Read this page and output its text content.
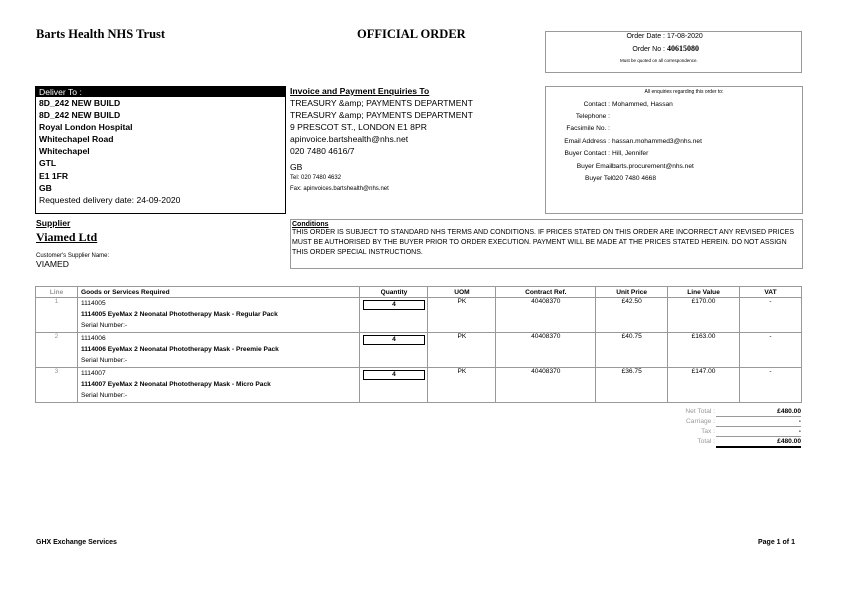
Barts Health NHS Trust	OFFICIAL ORDER	Order Date : 17-08-2020
Order No : 40615080
Must be quoted on all correspondence.
Deliver To :
8D_242 NEW BUILD
8D_242 NEW BUILD
Royal London Hospital
Whitechapel Road
Whitechapel
GTL
E1 1FR
GB
Requested delivery date: 24-09-2020
Invoice and Payment Enquiries To
TREASURY &amp; PAYMENTS DEPARTMENT
TREASURY &amp; PAYMENTS DEPARTMENT
9 PRESCOT ST., LONDON E1 8PR
apinvoice.bartshealth@nhs.net
020 7480 4616/7
GB
Tel: 020 7480 4632
Fax: apinvoices.bartshealth@nhs.net
All enquiries regarding this order to:
Contact : Mohammed, Hassan
Telephone :
Facsimile No. :
Email Address : hassan.mohammed3@nhs.net
Buyer Contact : Hill, Jennifer
Buyer Email :
barts.procurement@nhs.net
Buyer Tel :
020 7480 4668
Supplier
Viamed Ltd
Customer's Supplier Name:
VIAMED
Conditions
THIS ORDER IS SUBJECT TO STANDARD NHS TERMS AND CONDITIONS. IF PRICES STATED ON THIS ORDER ARE INCORRECT ANY REVISED PRICES MUST BE AUTHORISED BY THE BUYER PRIOR TO ORDER EXECUTION. PAYMENT WILL BE MADE AT THE PRICES STATED HEREIN. DO NOT ASSIGN THIS ORDER SPECIAL INSTRUCTIONS.
Line	Goods or Services Required	Quantity	UOM	Contract Ref.	Unit Price	Line Value	VAT
1	1114005
1114005 EyeMax 2 Neonatal Phototherapy Mask - Regular Pack
Serial Number:-	4	PK	40408370	£42.50	£170.00	-
2	1114006
1114006 EyeMax 2 Neonatal Phototherapy Mask - Preemie Pack
Serial Number:-	4	PK	40408370	£40.75	£163.00	-
3	1114007
1114007 EyeMax 2 Neonatal Phototherapy Mask - Micro Pack
Serial Number:-	4	PK	40408370	£36.75	£147.00	-
Net Total :	£480.00
Carriage :	-
Tax :	-
Total :	£480.00
GHX Exchange Services	Page 1 of 1
